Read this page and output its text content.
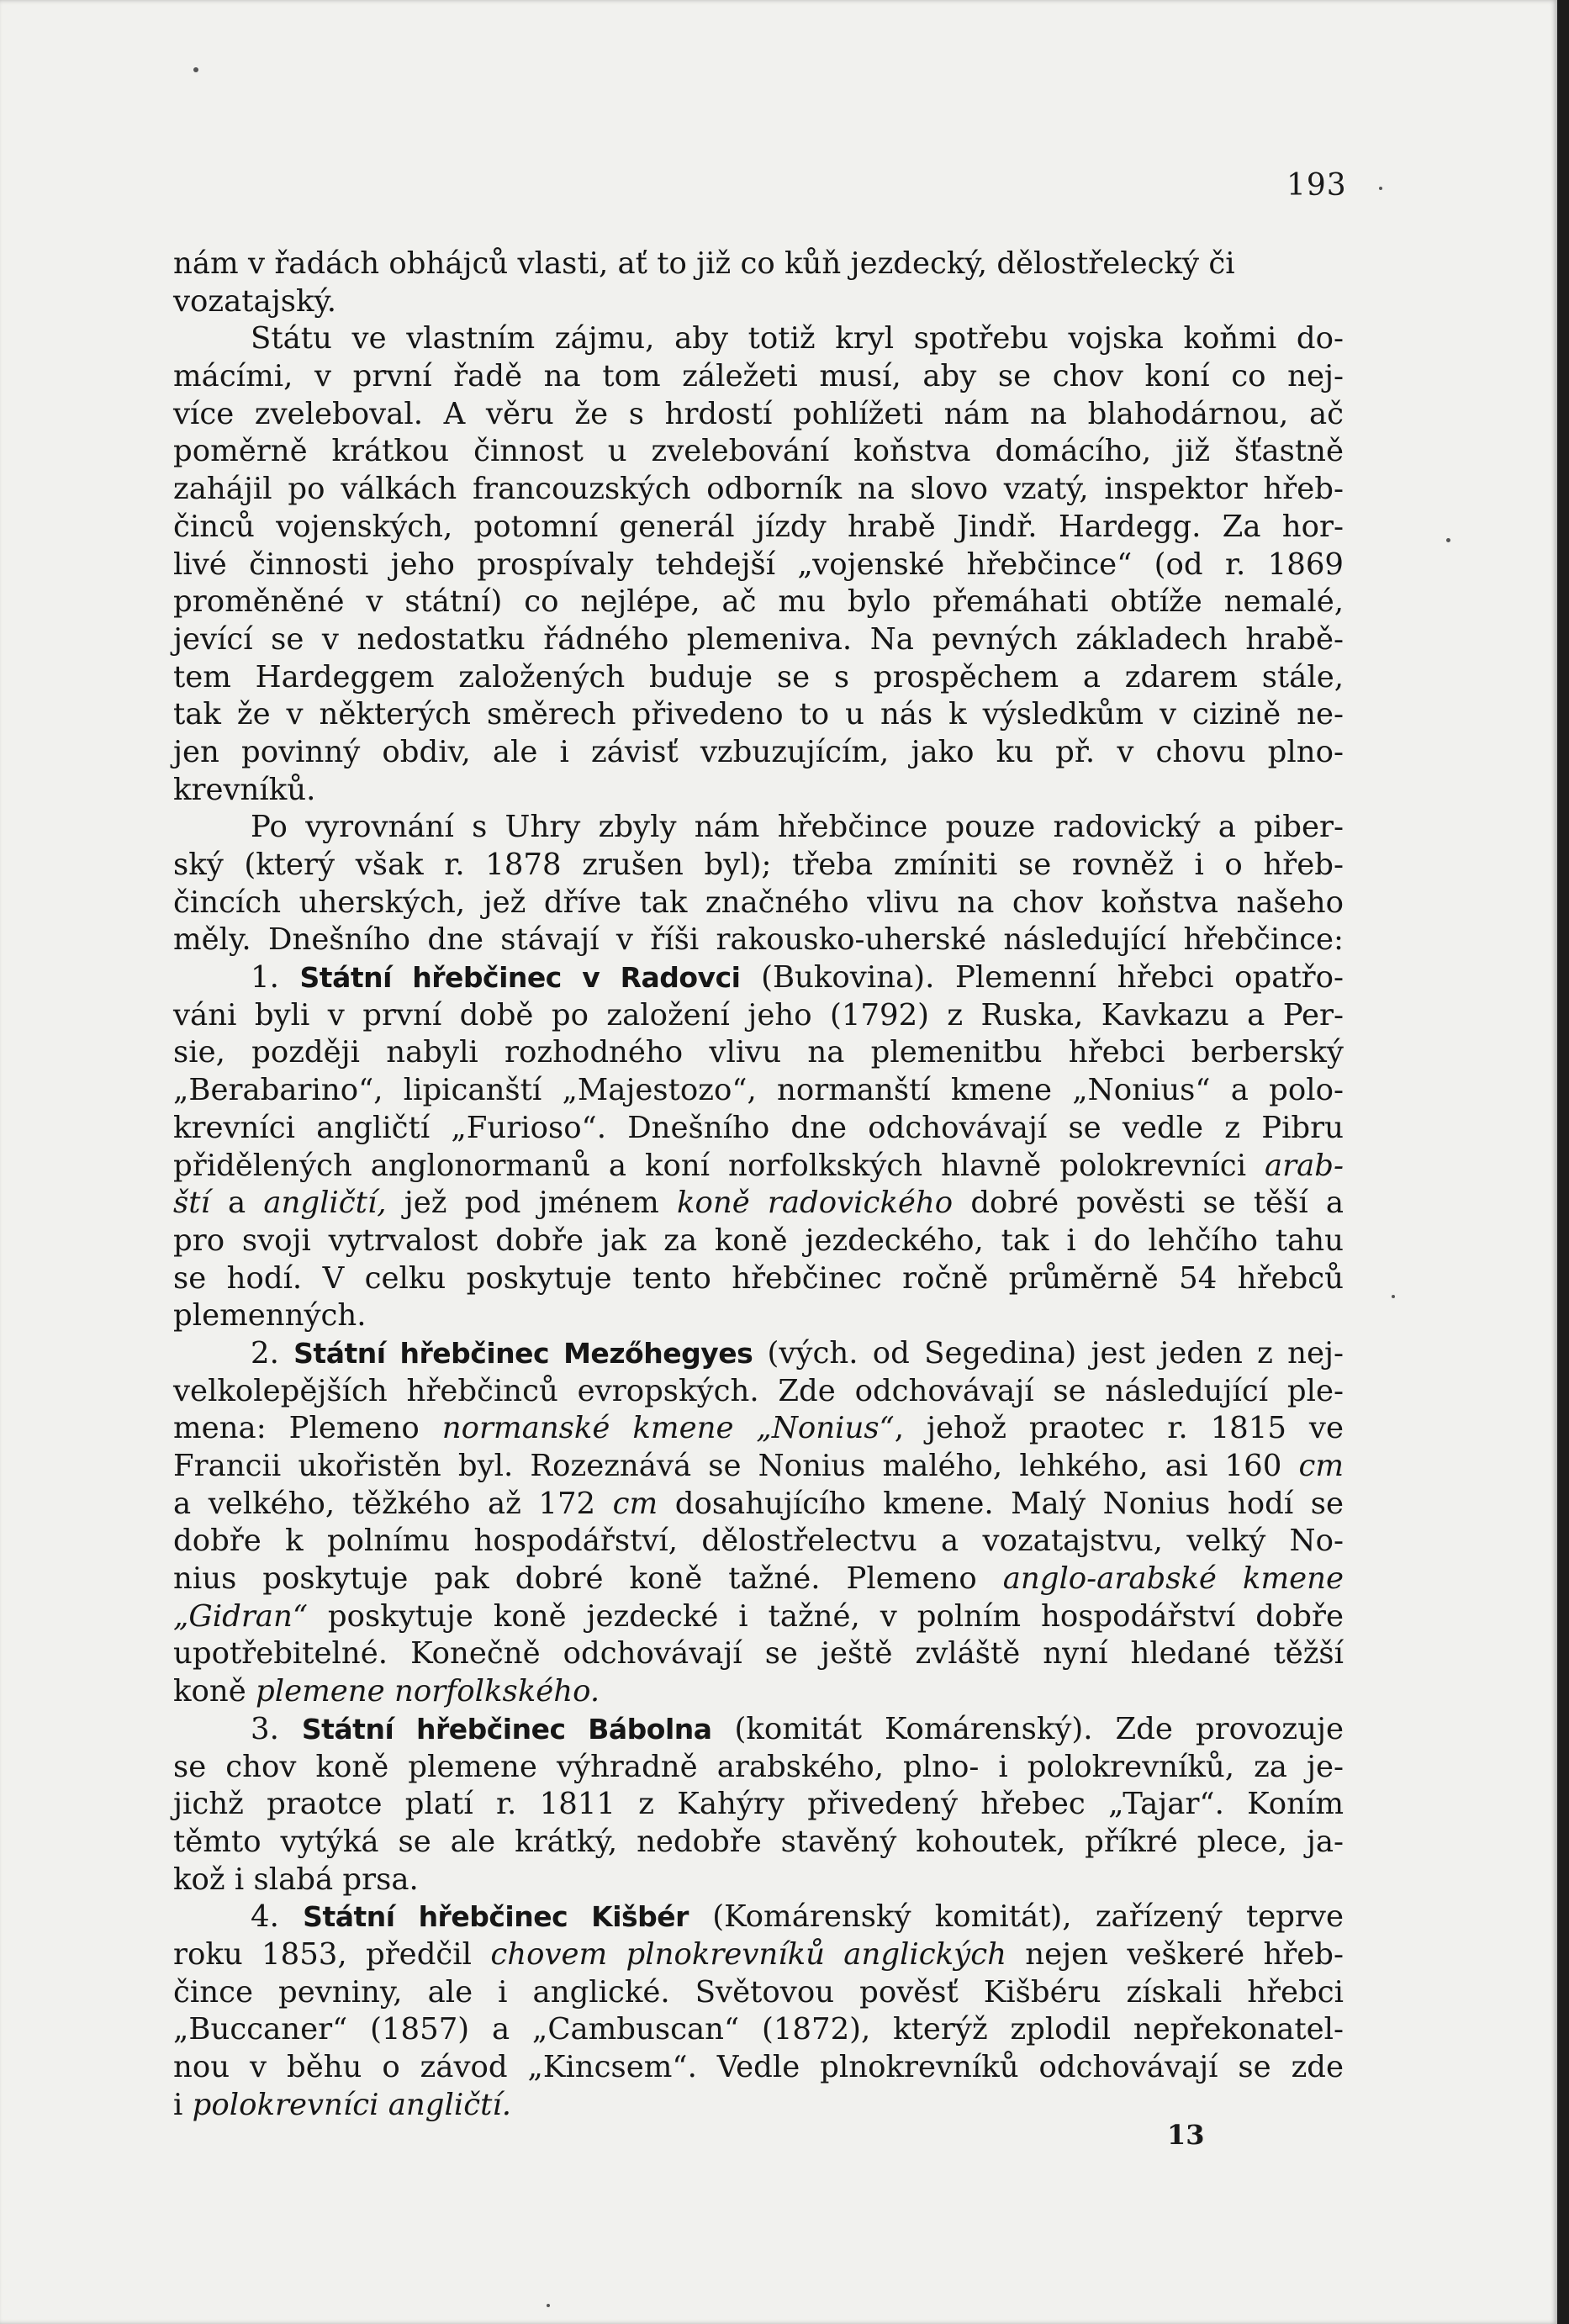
193
nám v řadách obhájců vlasti, ať to již co kůň jezdecký, dělostřelecký či
vozatajský.
Státu ve vlastním zájmu, aby totiž kryl spotřebu vojska koňmi do-
mácími, v první řadě na tom záležeti musí, aby se chov koní co nej-
více zveleboval. A věru že s hrdostí pohlížeti nám na blahodárnou, ač
poměrně krátkou činnost u zvelebování koňstva domácího, již šťastně
zahájil po válkách francouzských odborník na slovo vzatý, inspektor hřeb-
činců vojenských, potomní generál jízdy hrabě Jindř. Hardegg. Za hor-
livé činnosti jeho prospívaly tehdejší „vojenské hřebčince“ (od r. 1869
proměněné v státní) co nejlépe, ač mu bylo přemáhati obtíže nemalé,
jevící se v nedostatku řádného plemeniva. Na pevných základech hrabě-
tem Hardeggem založených buduje se s prospěchem a zdarem stále,
tak že v některých směrech přivedeno to u nás k výsledkům v cizině ne-
jen povinný obdiv, ale i závisť vzbuzujícím, jako ku př. v chovu plno-
krevníků.
Po vyrovnání s Uhry zbyly nám hřebčince pouze radovický a piber-
ský (který však r. 1878 zrušen byl); třeba zmíniti se rovněž i o hřeb-
čincích uherských, jež dříve tak značného vlivu na chov koňstva našeho
měly. Dnešního dne stávají v říši rakousko-uherské následující hřebčince:
1. Státní hřebčinec v Radovci (Bukovina). Plemenní hřebci opatřo-
váni byli v první době po založení jeho (1792) z Ruska, Kavkazu a Per-
sie, později nabyli rozhodného vlivu na plemenitbu hřebci berberský
„Berabarino“, lipicanští „Majestozo“, normanští kmene „Nonius“ a polo-
krevníci angličtí „Furioso“. Dnešního dne odchovávají se vedle z Pibru
přidělených anglonormanů a koní norfolkských hlavně polokrevníci arab-
ští a angličtí, jež pod jménem koně radovického dobré pověsti se těší a
pro svoji vytrvalost dobře jak za koně jezdeckého, tak i do lehčího tahu
se hodí. V celku poskytuje tento hřebčinec ročně průměrně 54 hřebců
plemenných.
2. Státní hřebčinec Mezőhegyes (vých. od Segedina) jest jeden z nej-
velkolepějších hřebčinců evropských. Zde odchovávají se následující ple-
mena: Plemeno normanské kmene „Nonius“, jehož praotec r. 1815 ve
Francii ukořistěn byl. Rozeznává se Nonius malého, lehkého, asi 160 cm
a velkého, těžkého až 172 cm dosahujícího kmene. Malý Nonius hodí se
dobře k polnímu hospodářství, dělostřelectvu a vozatajstvu, velký No-
nius poskytuje pak dobré koně tažné. Plemeno anglo-arabské kmene
„Gidran“ poskytuje koně jezdecké i tažné, v polním hospodářství dobře
upotřebitelné. Konečně odchovávají se ještě zvláště nyní hledané těžší
koně plemene norfolkského.
3. Státní hřebčinec Bábolna (komitát Komárenský). Zde provozuje
se chov koně plemene výhradně arabského, plno- i polokrevníků, za je-
jichž praotce platí r. 1811 z Kahýry přivedený hřebec „Tajar“. Koním
těmto vytýká se ale krátký, nedobře stavěný kohoutek, příkré plece, ja-
kož i slabá prsa.
4. Státní hřebčinec Kišbér (Komárenský komitát), zařízený teprve
roku 1853, předčil chovem plnokrevníků anglických nejen veškeré hřeb-
čince pevniny, ale i anglické. Světovou pověsť Kišbéru získali hřebci
„Buccaner“ (1857) a „Cambuscan“ (1872), kterýž zplodil nepřekonatel-
nou v běhu o závod „Kincsem“. Vedle plnokrevníků odchovávají se zde
i polokrevníci angličtí.
13
